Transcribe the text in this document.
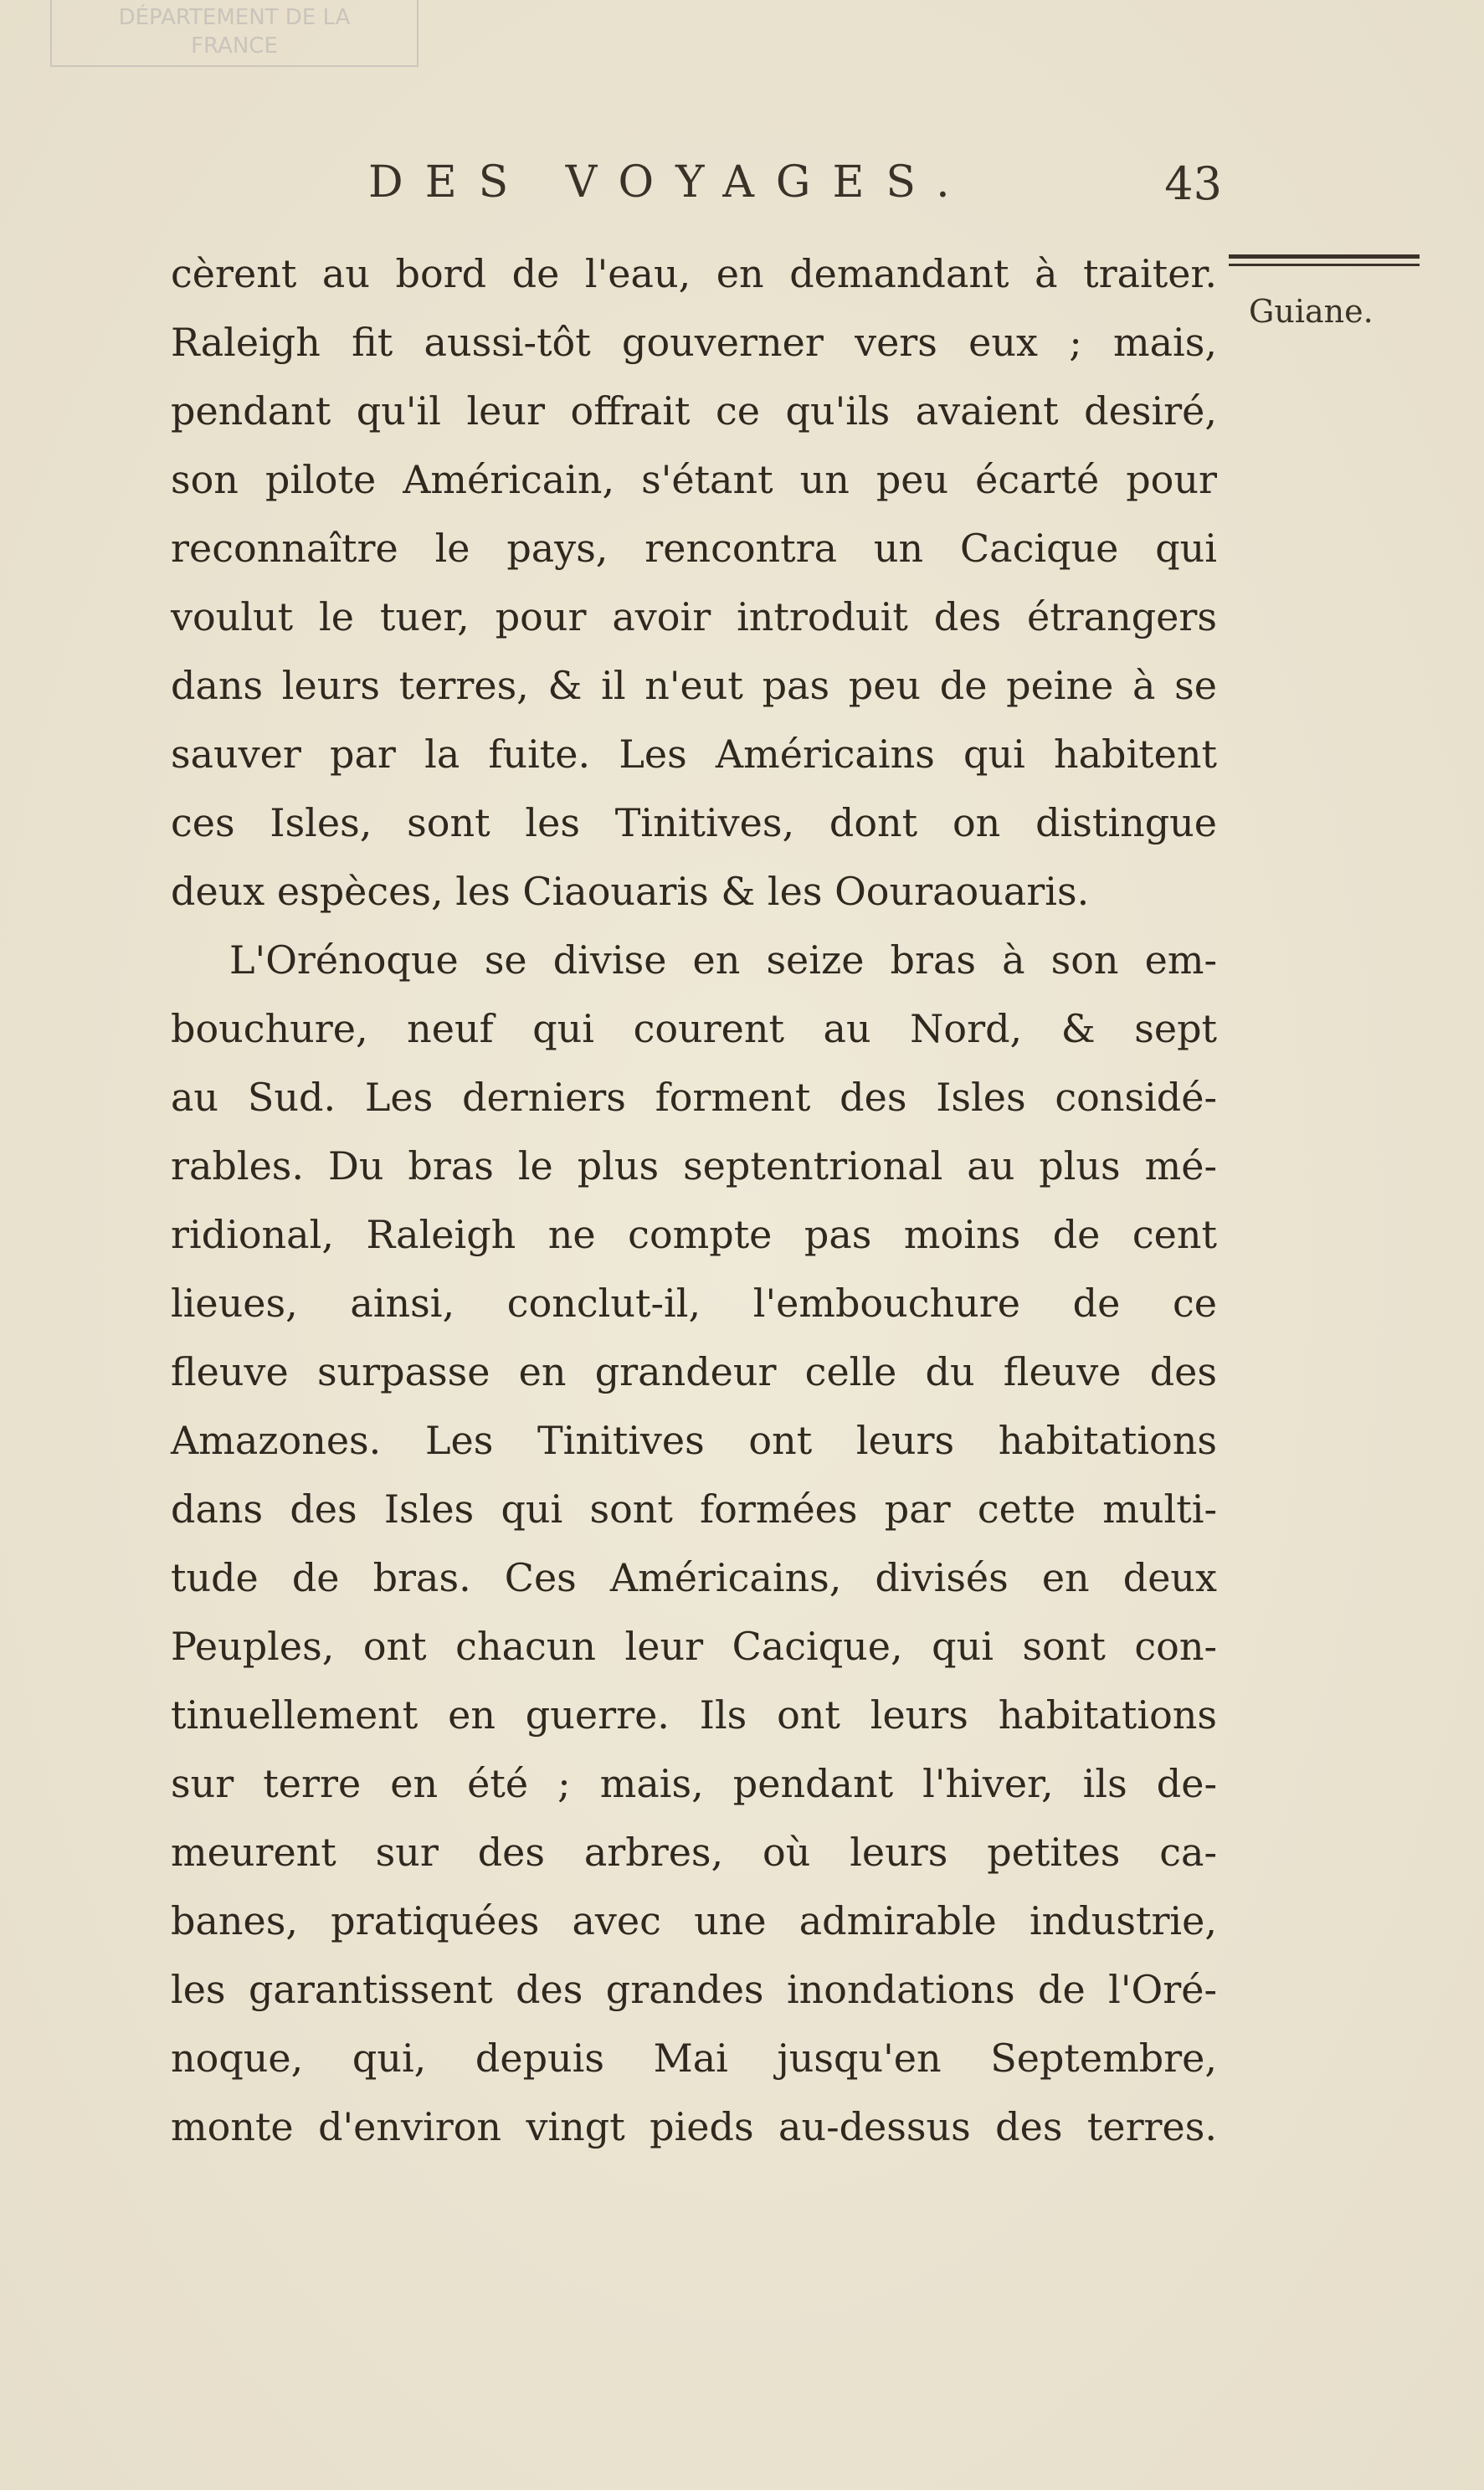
DÉPARTEMENT DE LA
FRANCE
DES VOYAGES.	43
Guiane.
cèrent au bord de l'eau, en demandant à traiter.
Raleigh fit aussi-tôt gouverner vers eux ; mais,
pendant qu'il leur offrait ce qu'ils avaient desiré,
son pilote Américain, s'étant un peu écarté pour
reconnaître le pays, rencontra un Cacique qui
voulut le tuer, pour avoir introduit des étrangers
dans leurs terres, & il n'eut pas peu de peine à se
sauver par la fuite. Les Américains qui habitent
ces Isles, sont les Tinitives, dont on distingue
deux espèces, les Ciaouaris & les Oouraouaris.
L'Orénoque se divise en seize bras à son em-
bouchure, neuf qui courent au Nord, & sept
au Sud. Les derniers forment des Isles considé-
rables. Du bras le plus septentrional au plus mé-
ridional, Raleigh ne compte pas moins de cent
lieues, ainsi, conclut-il, l'embouchure de ce
fleuve surpasse en grandeur celle du fleuve des
Amazones. Les Tinitives ont leurs habitations
dans des Isles qui sont formées par cette multi-
tude de bras. Ces Américains, divisés en deux
Peuples, ont chacun leur Cacique, qui sont con-
tinuellement en guerre. Ils ont leurs habitations
sur terre en été ; mais, pendant l'hiver, ils de-
meurent sur des arbres, où leurs petites ca-
banes, pratiquées avec une admirable industrie,
les garantissent des grandes inondations de l'Oré-
noque, qui, depuis Mai jusqu'en Septembre,
monte d'environ vingt pieds au-dessus des terres.
